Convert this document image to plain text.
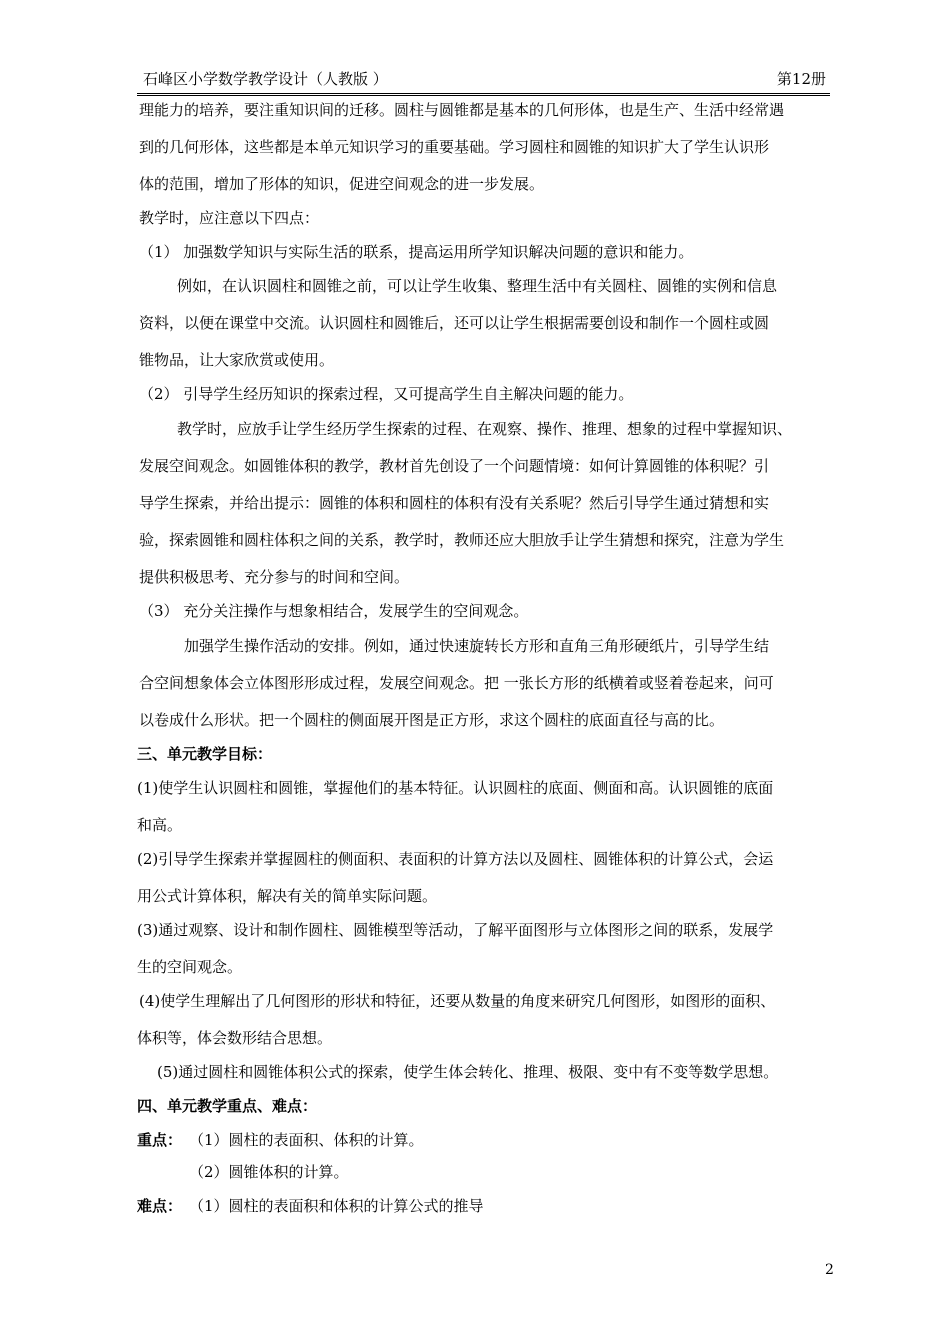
石峰区小学数学教学设计（人教版 ）	第12册
理能力的培养，要注重知识间的迁移。圆柱与圆锥都是基本的几何形体，也是生产、生活中经常遇
到的几何形体，这些都是本单元知识学习的重要基础。学习圆柱和圆锥的知识扩大了学生认识形
体的范围，增加了形体的知识，促进空间观念的进一步发展。
教学时，应注意以下四点：
（1） 加强数学知识与实际生活的联系，提高运用所学知识解决问题的意识和能力。
例如，在认识圆柱和圆锥之前，可以让学生收集、整理生活中有关圆柱、圆锥的实例和信息
资料，以便在课堂中交流。认识圆柱和圆锥后，还可以让学生根据需要创设和制作一个圆柱或圆
锥物品，让大家欣赏或使用。
（2） 引导学生经历知识的探索过程，又可提高学生自主解决问题的能力。
教学时，应放手让学生经历学生探索的过程、在观察、操作、推理、想象的过程中掌握知识、
发展空间观念。如圆锥体积的教学，教材首先创设了一个问题情境：如何计算圆锥的体积呢？引
导学生探索，并给出提示：圆锥的体积和圆柱的体积有没有关系呢？然后引导学生通过猜想和实
验，探索圆锥和圆柱体积之间的关系，教学时，教师还应大胆放手让学生猜想和探究，注意为学生
提供积极思考、充分参与的时间和空间。
（3） 充分关注操作与想象相结合，发展学生的空间观念。
加强学生操作活动的安排。例如，通过快速旋转长方形和直角三角形硬纸片，引导学生结
合空间想象体会立体图形形成过程，发展空间观念。把 一张长方形的纸横着或竖着卷起来，问可
以卷成什么形状。把一个圆柱的侧面展开图是正方形，求这个圆柱的底面直径与高的比。
三、单元教学目标：
(1)使学生认识圆柱和圆锥，掌握他们的基本特征。认识圆柱的底面、侧面和高。认识圆锥的底面
和高。
(2)引导学生探索并掌握圆柱的侧面积、表面积的计算方法以及圆柱、圆锥体积的计算公式，会运
用公式计算体积，解决有关的简单实际问题。
(3)通过观察、设计和制作圆柱、圆锥模型等活动，了解平面图形与立体图形之间的联系，发展学
生的空间观念。
(4)使学生理解出了几何图形的形状和特征，还要从数量的角度来研究几何图形，如图形的面积、
体积等，体会数形结合思想。
(5)通过圆柱和圆锥体积公式的探索，使学生体会转化、推理、极限、变中有不变等数学思想。
四、单元教学重点、难点：
重点： （1）圆柱的表面积、体积的计算。
（2）圆锥体积的计算。
难点： （1）圆柱的表面积和体积的计算公式的推导
2
